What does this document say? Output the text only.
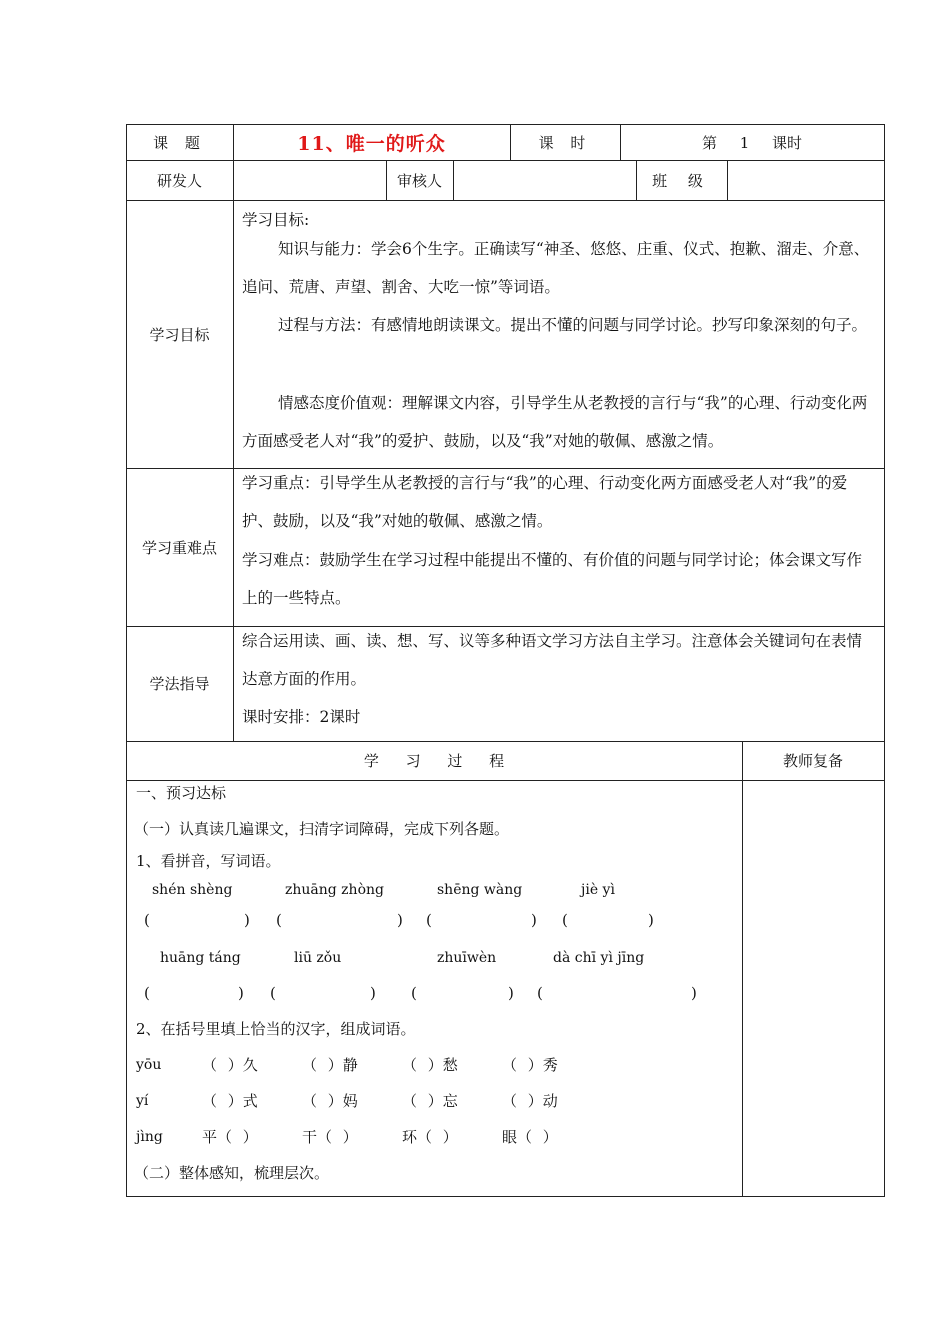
课 题	11、唯一的听众	课 时	第 1 课时
研发人	审核人	班 级
学习目标
学习目标:
知识与能力：学会6个生字。正确读写“神圣、悠悠、庄重、仪式、抱歉、溜走、介意、追问、荒唐、声望、割舍、大吃一惊”等词语。
过程与方法：有感情地朗读课文。提出不懂的问题与同学讨论。抄写印象深刻的句子。
情感态度价值观：理解课文内容，引导学生从老教授的言行与“我”的心理、行动变化两方面感受老人对“我”的爱护、鼓励，以及“我”对她的敬佩、感激之情。
学习重难点
学习重点：引导学生从老教授的言行与“我”的心理、行动变化两方面感受老人对“我”的爱护、鼓励，以及“我”对她的敬佩、感激之情。
学习难点：鼓励学生在学习过程中能提出不懂的、有价值的问题与同学讨论；体会课文写作上的一些特点。
学法指导
综合运用读、画、读、想、写、议等多种语文学习方法自主学习。注意体会关键词句在表情达意方面的作用。
课时安排：2课时
学 习 过 程	教师复备
一、预习达标
（一）认真读几遍课文，扫清字词障碍，完成下列各题。
1、看拼音，写词语。
shén shèng	zhuāng zhòng	shēng wàng	jiè yì
(	) (	) (	) (	)
huāng táng	liū zǒu	zhuīwèn	dà chī yì jīng
(	) (	) (	) (	)
2、在括号里填上恰当的汉字，组成词语。
yōu	（ ）久	（ ）静	（ ）愁	（ ）秀
yí	（ ）式	（ ）妈	（ ）忘	（ ）动
jìng	平（ ）	干（ ）	环（ ）	眼（ ）
（二）整体感知，梳理层次。
